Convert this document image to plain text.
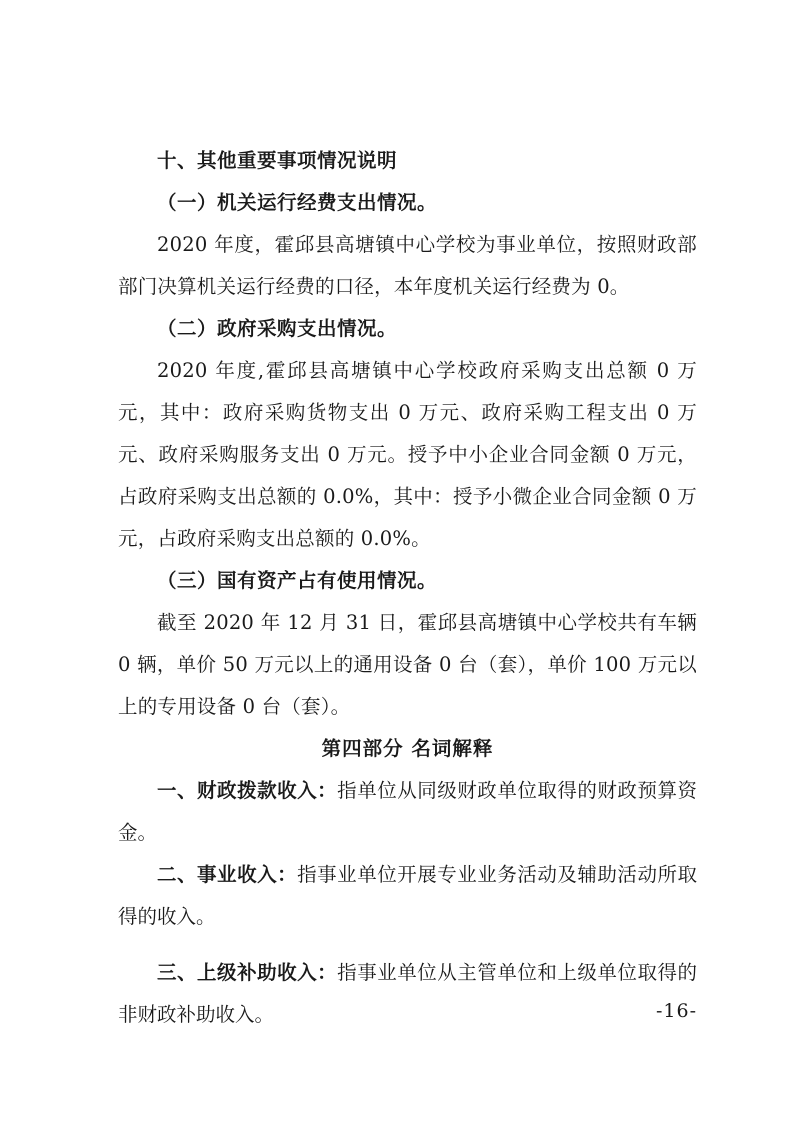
十、其他重要事项情况说明

（一）机关运行经费支出情况。

2020 年度，霍邱县高塘镇中心学校为事业单位，按照财政部部门决算机关运行经费的口径，本年度机关运行经费为 0。

（二）政府采购支出情况。

2020 年度,霍邱县高塘镇中心学校政府采购支出总额 0 万元，其中：政府采购货物支出 0 万元、政府采购工程支出 0 万元、政府采购服务支出 0 万元。授予中小企业合同金额 0 万元，占政府采购支出总额的 0.0%，其中：授予小微企业合同金额 0 万元，占政府采购支出总额的 0.0%。

（三）国有资产占有使用情况。

截至 2020 年 12 月 31 日，霍邱县高塘镇中心学校共有车辆 0 辆，单价 50 万元以上的通用设备 0 台（套），单价 100 万元以上的专用设备 0 台（套）。

第四部分 名词解释

一、财政拨款收入：指单位从同级财政单位取得的财政预算资金。

二、事业收入：指事业单位开展专业业务活动及辅助活动所取得的收入。

三、上级补助收入：指事业单位从主管单位和上级单位取得的非财政补助收入。	-16-
